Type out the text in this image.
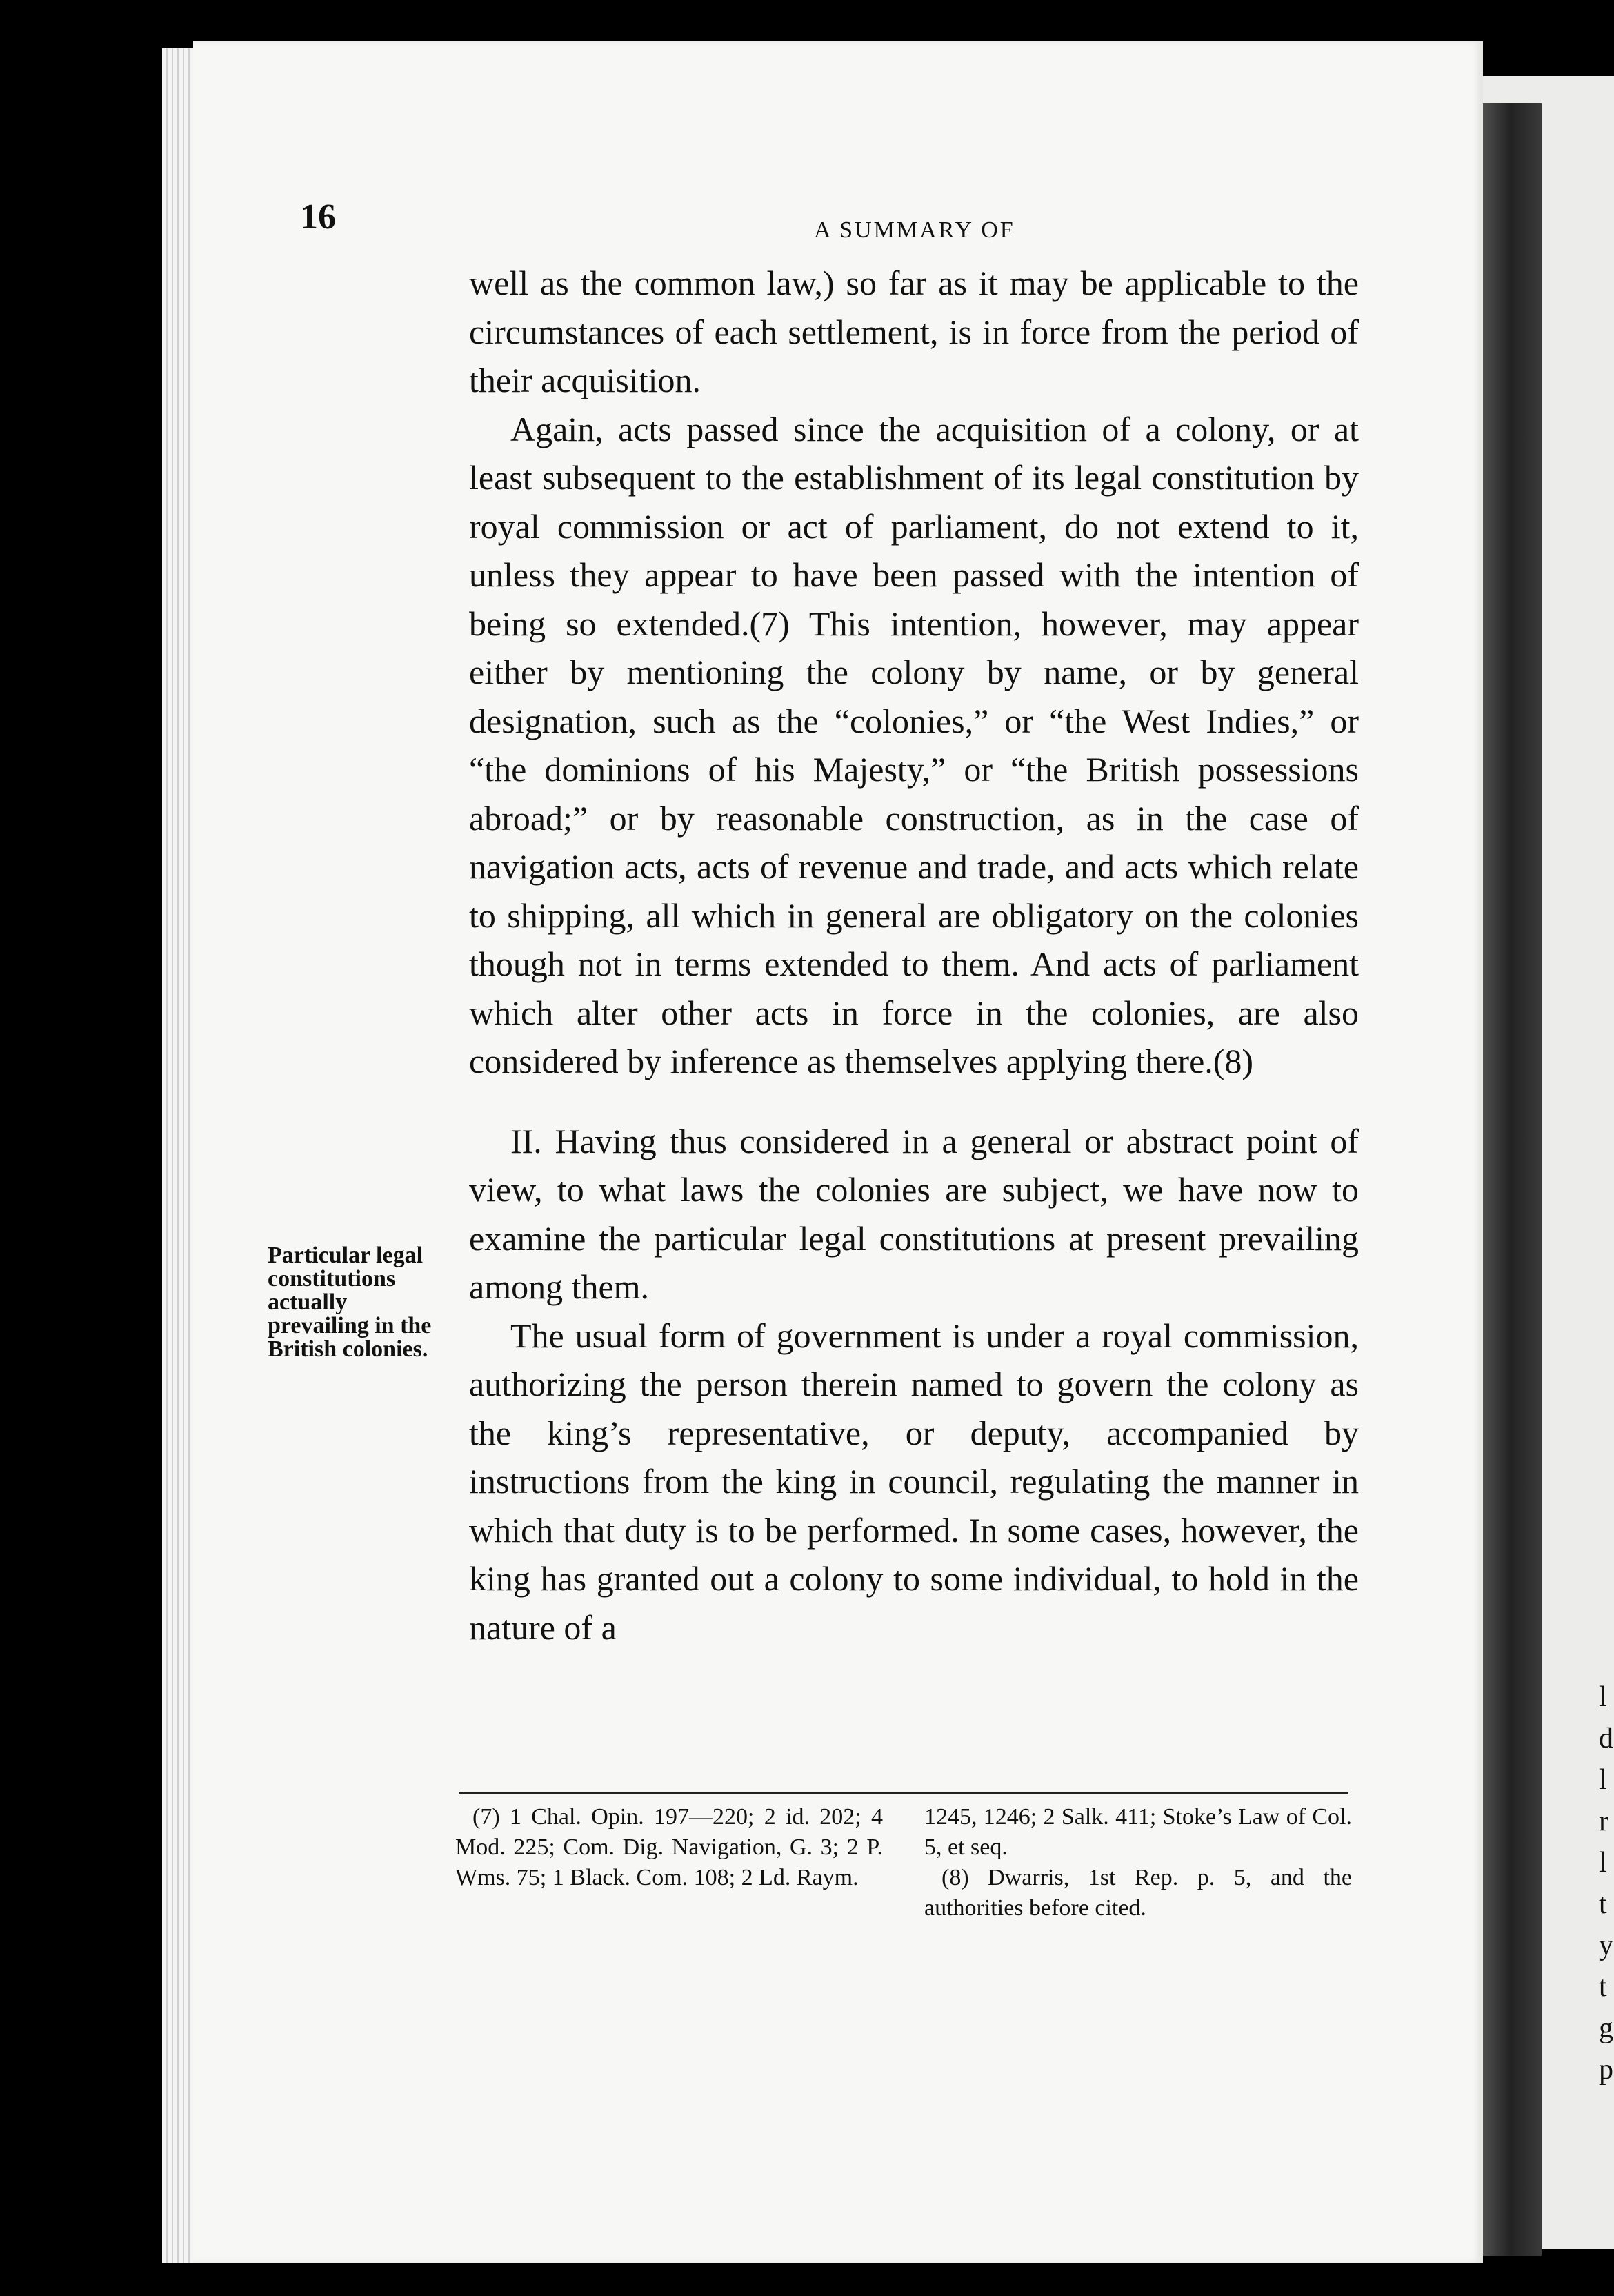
l
d
l
r
l
t
y
t
g
p
16	A SUMMARY OF

well as the common law,) so far as it may be applicable to the circumstances of each settlement, is in force from the period of their acquisition.

Again, acts passed since the acquisition of a colony, or at least subsequent to the establishment of its legal constitution by royal commission or act of parliament, do not extend to it, unless they appear to have been passed with the intention of being so extended.(7) This intention, however, may appear either by mentioning the colony by name, or by general designation, such as the “colonies,” or “the West Indies,” or “the dominions of his Majesty,” or “the British possessions abroad;” or by reasonable construction, as in the case of navigation acts, acts of revenue and trade, and acts which relate to shipping, all which in general are obligatory on the colonies though not in terms extended to them. And acts of parliament which alter other acts in force in the colonies, are also considered by inference as themselves applying there.(8)

II. Having thus considered in a general or abstract point of view, to what laws the colonies are subject, we have now to examine the particular legal constitutions at present prevailing among them.

The usual form of government is under a royal commission, authorizing the person therein named to govern the colony as the king’s representative, or deputy, accompanied by instructions from the king in council, regulating the manner in which that duty is to be performed. In some cases, however, the king has granted out a colony to some individual, to hold in the nature of a

Particular legal constitutions actually prevailing in the British colonies.

(7) 1 Chal. Opin. 197—220; 2 id. 202; 4 Mod. 225; Com. Dig. Navigation, G. 3; 2 P. Wms. 75; 1 Black. Com. 108; 2 Ld. Raym.

1245, 1246; 2 Salk. 411; Stoke’s Law of Col. 5, et seq.

(8) Dwarris, 1st Rep. p. 5, and the authorities before cited.
